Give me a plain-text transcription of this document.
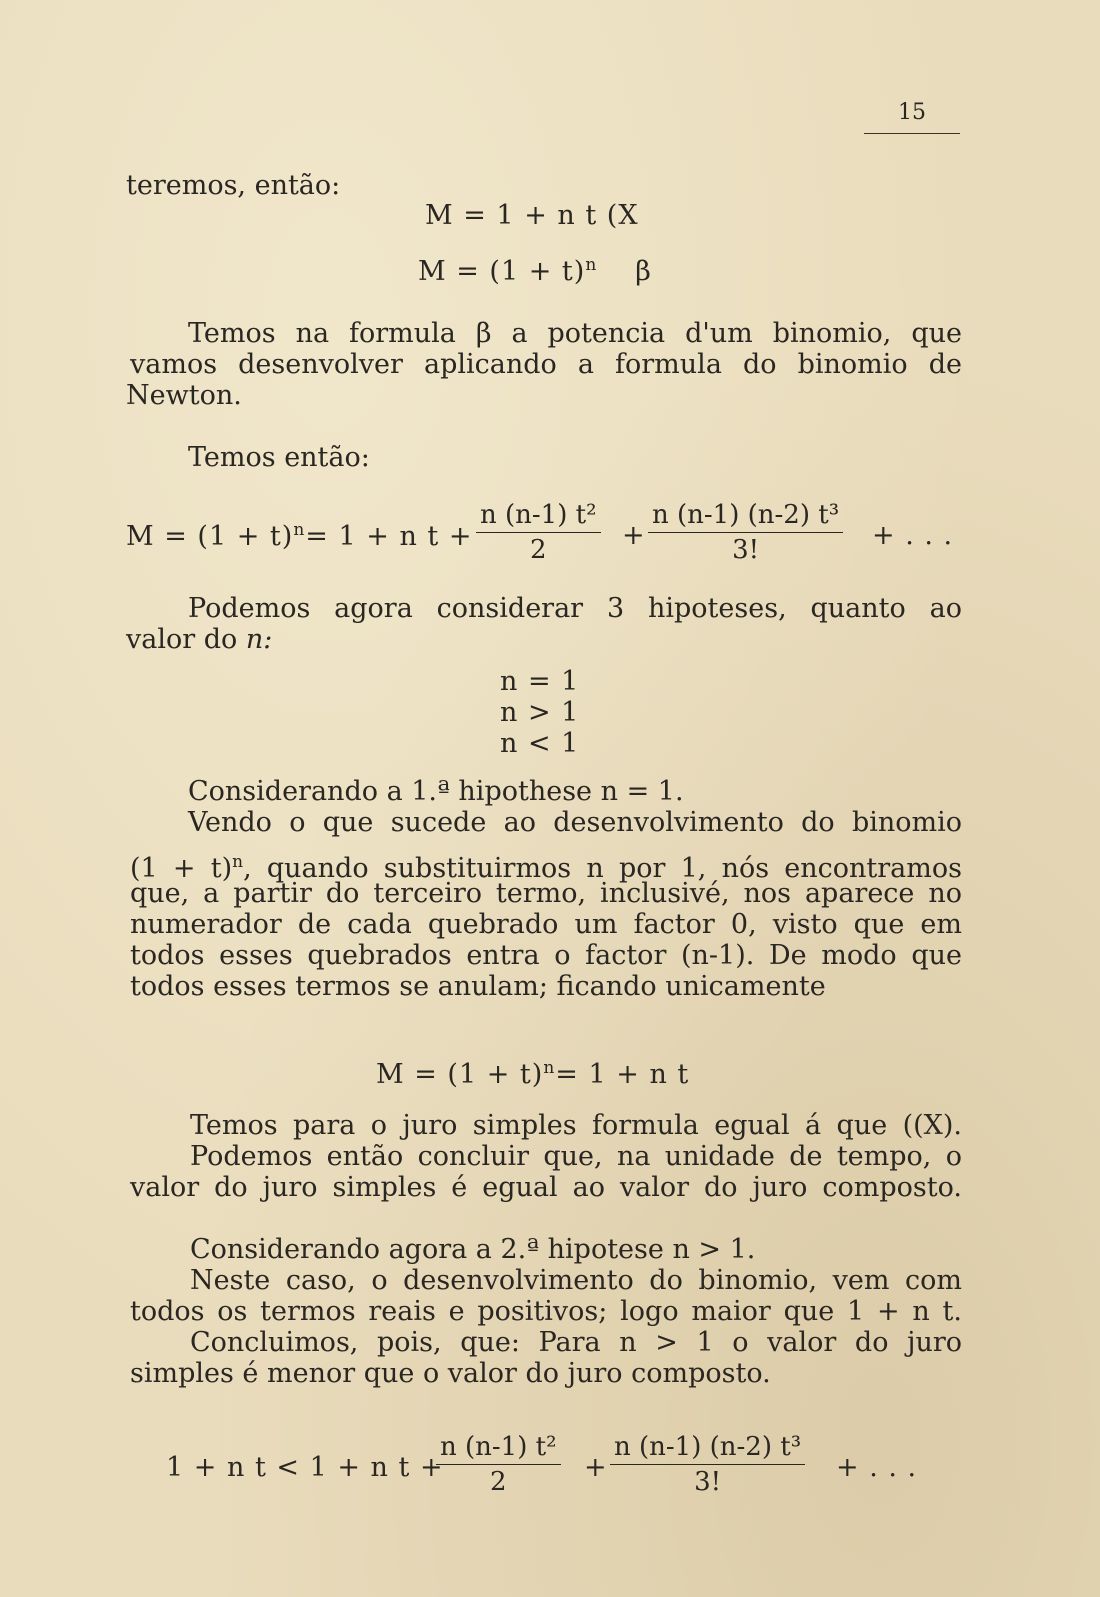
15
teremos, então:
M = 1 + n t (X
$M = (1 + t)^n$ β
Temos na formula β a potencia d'um binomio, que
vamos desenvolver aplicando a formula do binomio de
Newton.
Temos então:
$M = (1 + t)^n= 1 + n$ $t + \frac{\text{n (n-1) t²}}{2} + \frac{\text{n (n-1) (n-2) t³}}{3!}$ + . . .
Podemos agora considerar 3 hipoteses, quanto ao
valor do n:
n = 1
n > 1
n < 1
Considerando a 1.ª hipothese n = 1.
Vendo o que sucede ao desenvolvimento do binomio
$(1 + t)^n$, quando substituirmos n por 1, nós encontramos
que, a partir do terceiro termo, inclusivé, nos aparece no
numerador de cada quebrado um factor 0, visto que em
todos esses quebrados entra o factor (n-1). De modo que
todos esses termos se anulam; ficando unicamente
$M = (1 + t)^n= 1 + n$ t
Temos para o juro simples formula egual á que ((X).
Podemos então concluir que, na unidade de tempo, o
valor do juro simples é egual ao valor do juro composto.
Considerando agora a 2.ª hipotese n > 1.
Neste caso, o desenvolvimento do binomio, vem com
todos os termos reais e positivos; logo maior que 1 + n t.
Concluimos, pois, que: Para n > 1 o valor do juro
simples é menor que o valor do juro composto.
1 + n t < 1 + n t +
$\frac{\text{n (n-1) t²}}{2} + \frac{\text{n (n-1) (n-2) t³}}{3!}$ + . . .
